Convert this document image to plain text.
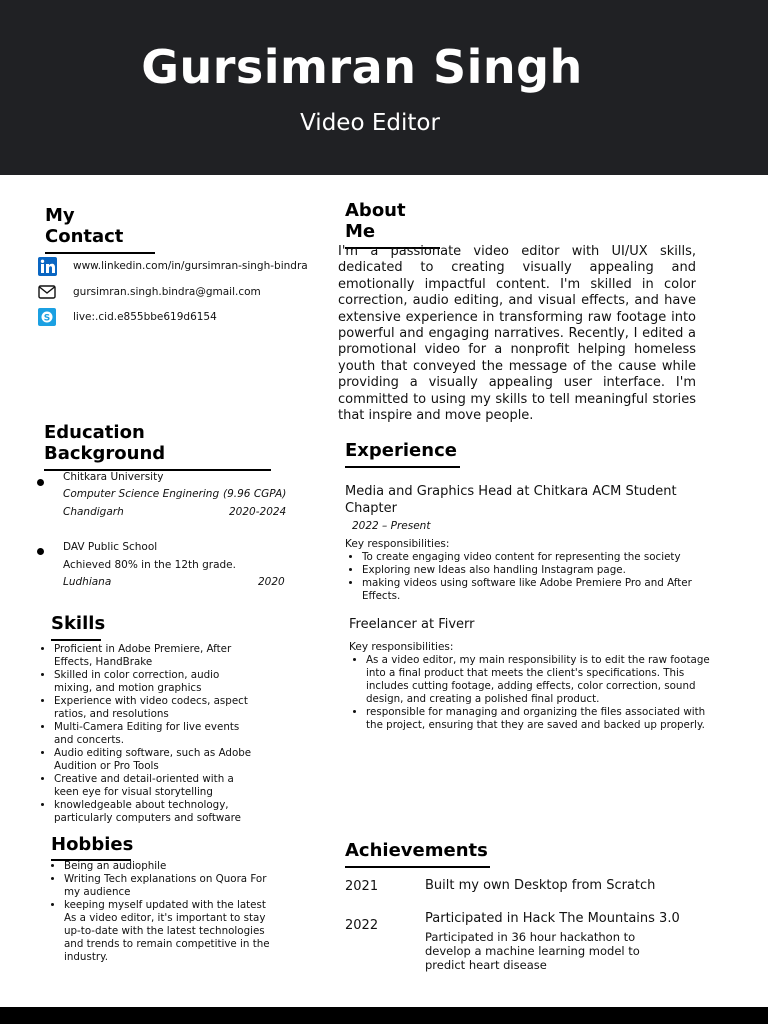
Gursimran Singh
Video Editor
My Contact
www.linkedin.com/in/gursimran-singh-bindra
gursimran.singh.bindra@gmail.com
S live:.cid.e855bbe619d6154
About Me
I'm a passionate video editor with UI/UX skills, dedicated to creating visually appealing and emotionally impactful content. I'm skilled in color correction, audio editing, and visual effects, and have extensive experience in transforming raw footage into powerful and engaging narratives. Recently, I edited a promotional video for a nonprofit helping homeless youth that conveyed the message of the cause while providing a visually appealing user interface. I'm committed to using my skills to tell meaningful stories that inspire and move people.
Education Background
Chitkara University
Computer Science Enginering (9.96 CGPA)
Chandigarh	2020-2024
DAV Public School
Achieved 80% in the 12th grade.
Ludhiana	2020
Skills
• Proficient in Adobe Premiere, After Effects, HandBrake
• Skilled in color correction, audio mixing, and motion graphics
• Experience with video codecs, aspect ratios, and resolutions
• Multi-Camera Editing for live events and concerts.
• Audio editing software, such as Adobe Audition or Pro Tools
• Creative and detail-oriented with a keen eye for visual storytelling
• knowledgeable about technology, particularly computers and software
Hobbies
• Being an audiophile
• Writing Tech explanations on Quora For my audience
• keeping myself updated with the latest As a video editor, it's important to stay up-to-date with the latest technologies and trends to remain competitive in the industry.
Experience
Media and Graphics Head at Chitkara ACM Student Chapter
2022 – Present
Key responsibilities:
• To create engaging video content for representing the society
• Exploring new Ideas also handling Instagram page.
• making videos using software like Adobe Premiere Pro and After Effects.
Freelancer at Fiverr
Key responsibilities:
• As a video editor, my main responsibility is to edit the raw footage into a final product that meets the client's specifications. This includes cutting footage, adding effects, color correction, sound design, and creating a polished final product.
• responsible for managing and organizing the files associated with the project, ensuring that they are saved and backed up properly.
Achievements
2021	Built my own Desktop from Scratch
2022	Participated in Hack The Mountains 3.0
Participated in 36 hour hackathon to develop a machine learning model to predict heart disease
